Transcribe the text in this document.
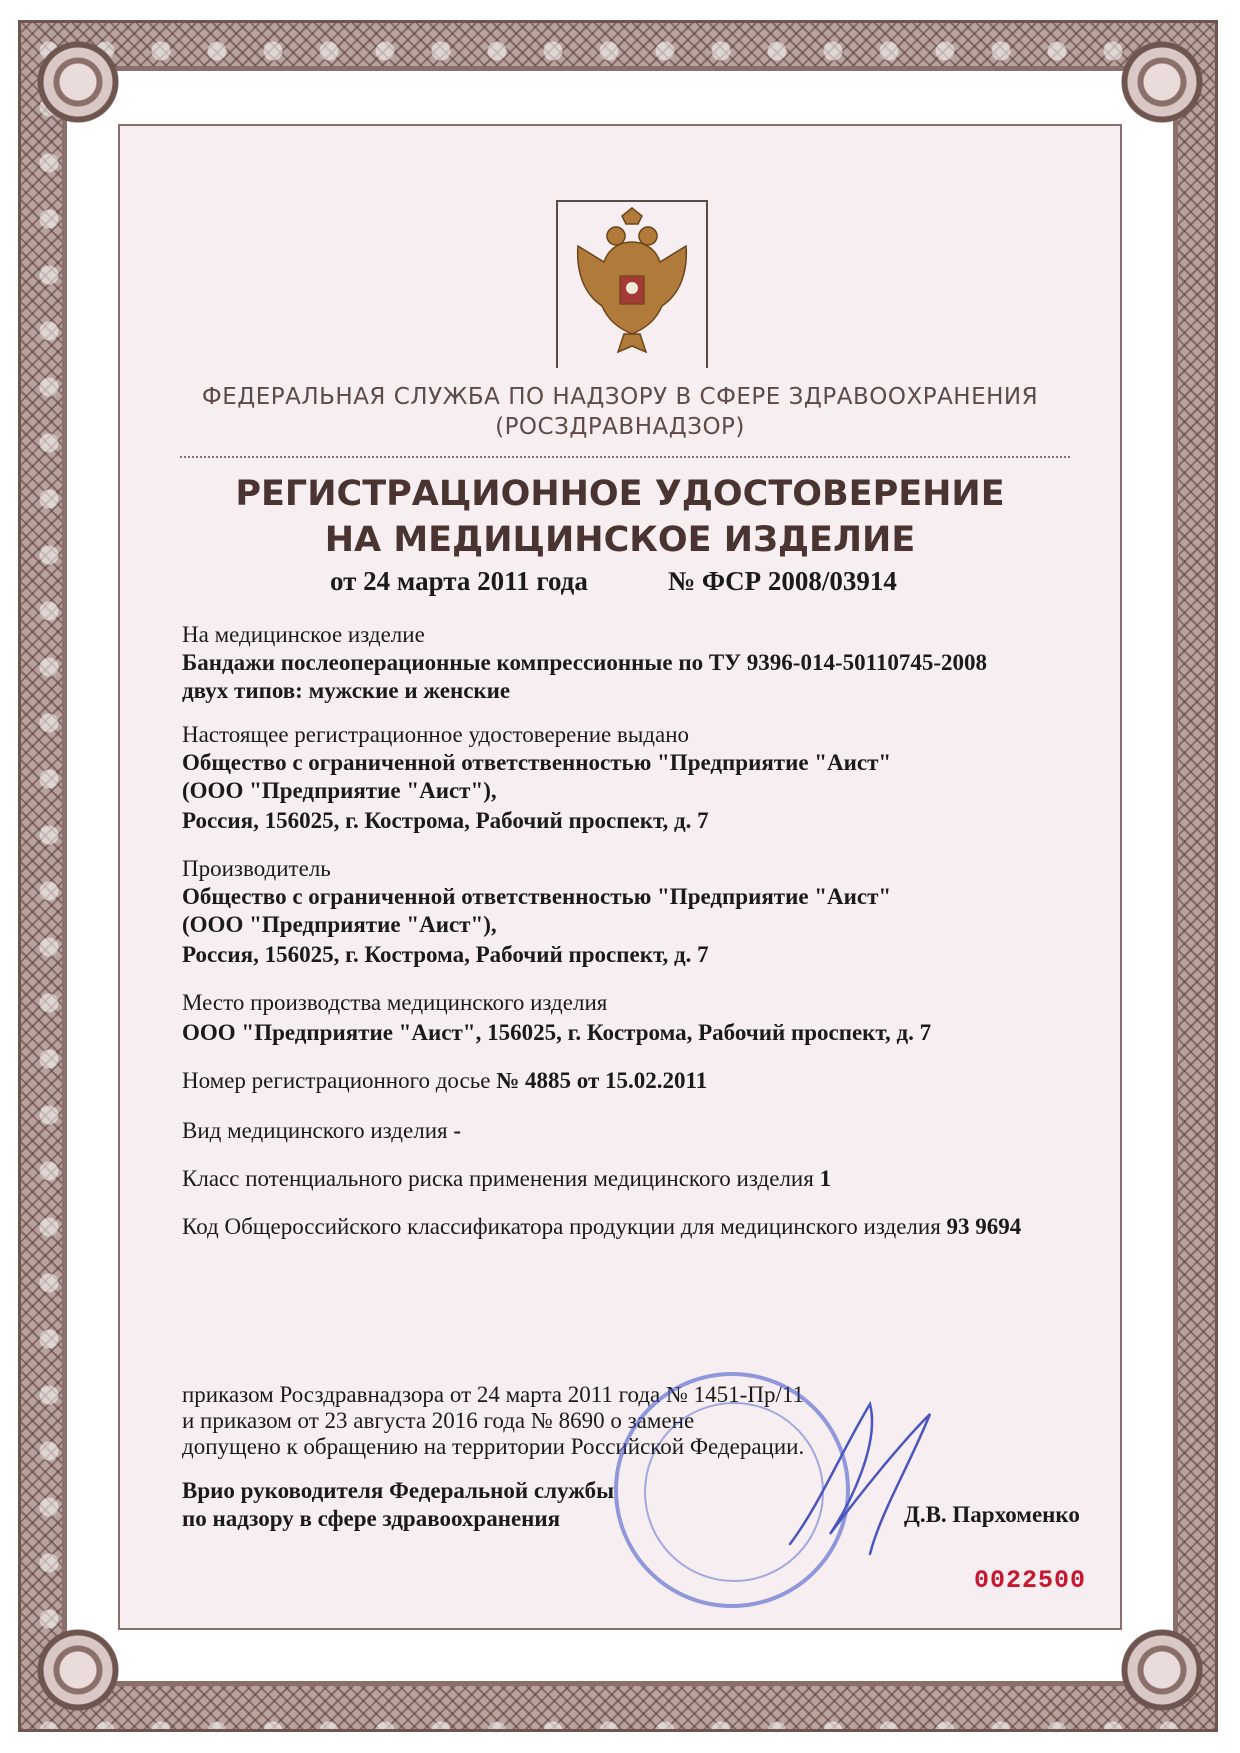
ФЕДЕРАЛЬНАЯ СЛУЖБА ПО НАДЗОРУ В СФЕРЕ ЗДРАВООХРАНЕНИЯ
(РОСЗДРАВНАДЗОР)
РЕГИСТРАЦИОННОЕ УДОСТОВЕРЕНИЕ
НА МЕДИЦИНСКОЕ ИЗДЕЛИЕ
от 24 марта 2011 года	№ ФСР 2008/03914
На медицинское изделие
Бандажи послеоперационные компрессионные по ТУ 9396-014-50110745-2008
двух типов: мужские и женские
Настоящее регистрационное удостоверение выдано
Общество с ограниченной ответственностью "Предприятие "Аист"
(ООО "Предприятие "Аист"),
Россия, 156025, г. Кострома, Рабочий проспект, д. 7
Производитель
Общество с ограниченной ответственностью "Предприятие "Аист"
(ООО "Предприятие "Аист"),
Россия, 156025, г. Кострома, Рабочий проспект, д. 7
Место производства медицинского изделия
ООО "Предприятие "Аист", 156025, г. Кострома, Рабочий проспект, д. 7
Номер регистрационного досье № 4885 от 15.02.2011
Вид медицинского изделия -
Класс потенциального риска применения медицинского изделия 1
Код Общероссийского классификатора продукции для медицинского изделия 93 9694
приказом Росздравнадзора от 24 марта 2011 года № 1451-Пр/11
и приказом от 23 августа 2016 года № 8690 о замене
допущено к обращению на территории Российской Федерации.
Врио руководителя Федеральной службы
по надзору в сфере здравоохранения	Д.В. Пархоменко
0022500
